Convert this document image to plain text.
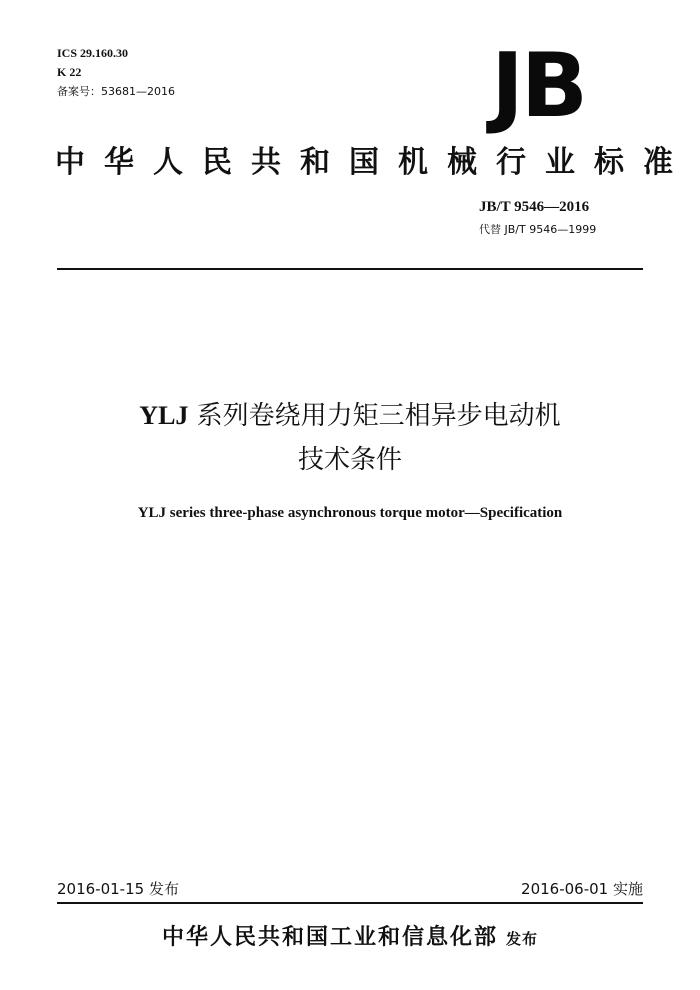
ICS 29.160.30
K 22
备案号：53681—2016	JB
中华人民共和国机械行业标准
JB/T 9546—2016
代替 JB/T 9546—1999
YLJ 系列卷绕用力矩三相异步电动机
技术条件
YLJ series three-phase asynchronous torque motor—Specification
2016-01-15 发布	2016-06-01 实施
中华人民共和国工业和信息化部 发布
